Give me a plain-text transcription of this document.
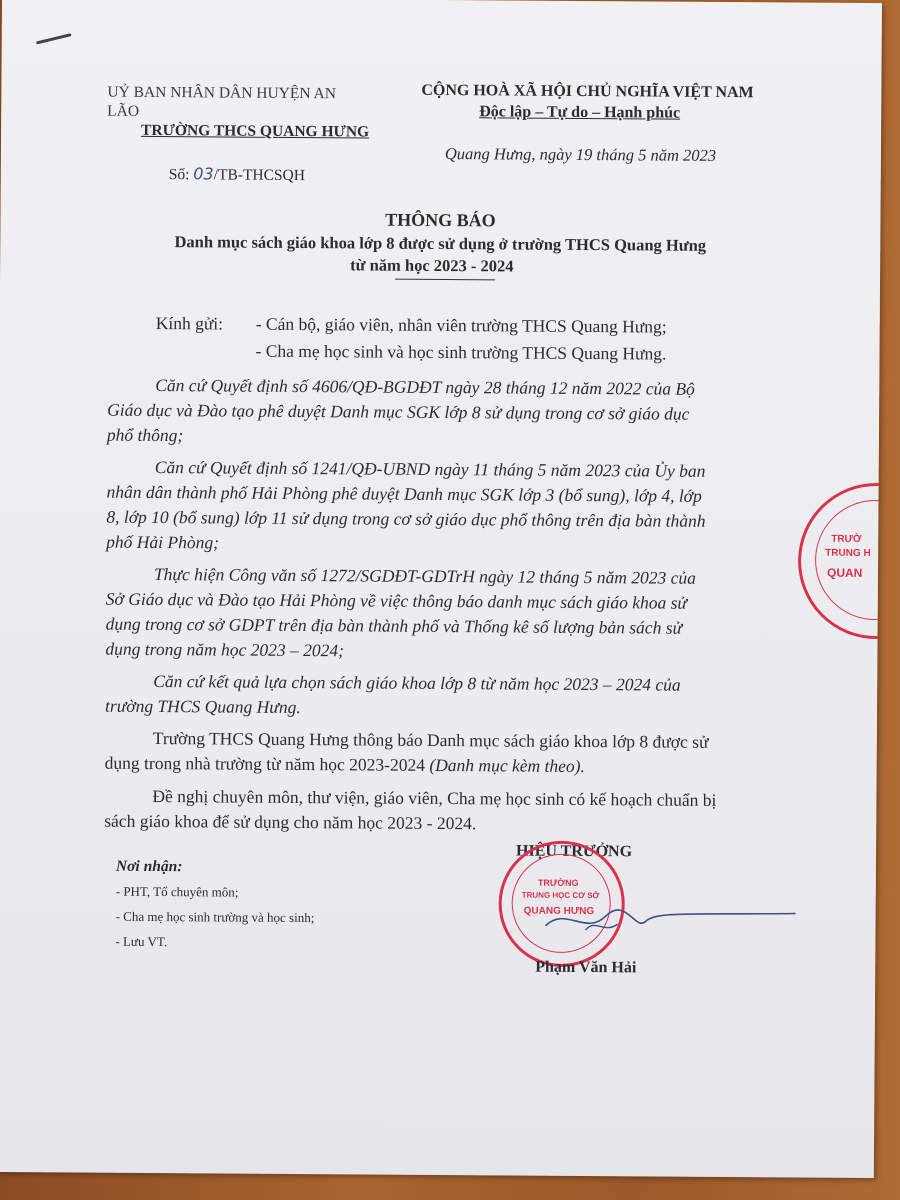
UỶ BAN NHÂN DÂN HUYỆN AN
LÃO
TRƯỜNG THCS QUANG HƯNG
Số: 03/TB-THCSQH
CỘNG HOÀ XÃ HỘI CHỦ NGHĨA VIỆT NAM
Độc lập – Tự do – Hạnh phúc
Quang Hưng, ngày 19 tháng 5 năm 2023
THÔNG BÁO
Danh mục sách giáo khoa lớp 8 được sử dụng ở trường THCS Quang Hưng
từ năm học 2023 - 2024
Kính gửi: - Cán bộ, giáo viên, nhân viên trường THCS Quang Hưng;
- Cha mẹ học sinh và học sinh trường THCS Quang Hưng.
Căn cứ Quyết định số 4606/QĐ-BGDĐT ngày 28 tháng 12 năm 2022 của Bộ
Giáo dục và Đào tạo phê duyệt Danh mục SGK lớp 8 sử dụng trong cơ sở giáo dục
phổ thông;
Căn cứ Quyết định số 1241/QĐ-UBND ngày 11 tháng 5 năm 2023 của Ủy ban
nhân dân thành phố Hải Phòng phê duyệt Danh mục SGK lớp 3 (bổ sung), lớp 4, lớp
8, lớp 10 (bổ sung) lớp 11 sử dụng trong cơ sở giáo dục phổ thông trên địa bàn thành
phố Hải Phòng;
Thực hiện Công văn số 1272/SGDĐT-GDTrH ngày 12 tháng 5 năm 2023 của
Sở Giáo dục và Đào tạo Hải Phòng về việc thông báo danh mục sách giáo khoa sử
dụng trong cơ sở GDPT trên địa bàn thành phố và Thống kê số lượng bản sách sử
dụng trong năm học 2023 – 2024;
Căn cứ kết quả lựa chọn sách giáo khoa lớp 8 từ năm học 2023 – 2024 của
trường THCS Quang Hưng.
Trường THCS Quang Hưng thông báo Danh mục sách giáo khoa lớp 8 được sử
dụng trong nhà trường từ năm học 2023-2024 (Danh mục kèm theo).
Đề nghị chuyên môn, thư viện, giáo viên, Cha mẹ học sinh có kế hoạch chuẩn bị
sách giáo khoa để sử dụng cho năm học 2023 - 2024.
Nơi nhận:
- PHT, Tổ chuyên môn;
- Cha mẹ học sinh trường và học sinh;
- Lưu VT.
HIỆU TRƯỞNG
TRƯỜNG
TRUNG HỌC CƠ SỞ
QUANG HƯNG
Phạm Văn Hải
TRƯỜ
TRUNG H
QUAN
